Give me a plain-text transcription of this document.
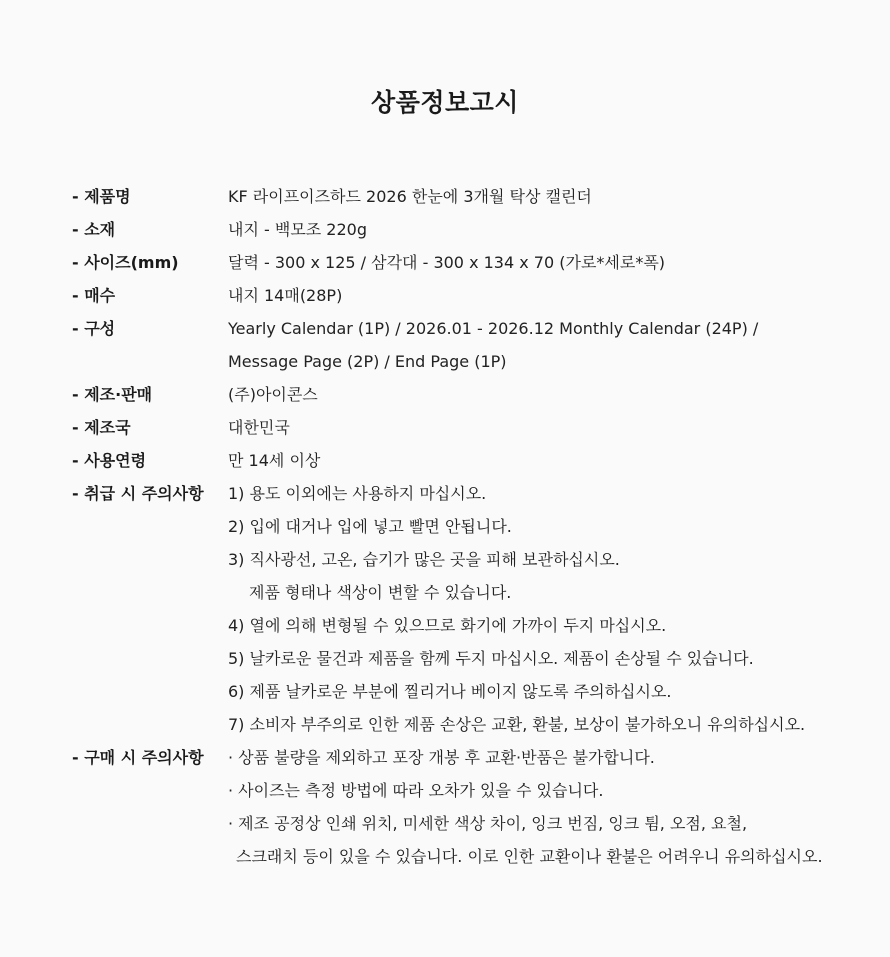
상품정보고시
- 제품명	KF 라이프이즈하드 2026 한눈에 3개월 탁상 캘린더
- 소재	내지 - 백모조 220g
- 사이즈(mm)	달력 - 300 x 125 / 삼각대 - 300 x 134 x 70 (가로*세로*폭)
- 매수	내지 14매(28P)
- 구성	Yearly Calendar (1P) / 2026.01 - 2026.12 Monthly Calendar (24P) /
Message Page (2P) / End Page (1P)
- 제조·판매	(주)아이콘스
- 제조국	대한민국
- 사용연령	만 14세 이상
- 취급 시 주의사항	1) 용도 이외에는 사용하지 마십시오.
2) 입에 대거나 입에 넣고 빨면 안됩니다.
3) 직사광선, 고온, 습기가 많은 곳을 피해 보관하십시오.
제품 형태나 색상이 변할 수 있습니다.
4) 열에 의해 변형될 수 있으므로 화기에 가까이 두지 마십시오.
5) 날카로운 물건과 제품을 함께 두지 마십시오. 제품이 손상될 수 있습니다.
6) 제품 날카로운 부분에 찔리거나 베이지 않도록 주의하십시오.
7) 소비자 부주의로 인한 제품 손상은 교환, 환불, 보상이 불가하오니 유의하십시오.
- 구매 시 주의사항	· 상품 불량을 제외하고 포장 개봉 후 교환·반품은 불가합니다.
· 사이즈는 측정 방법에 따라 오차가 있을 수 있습니다.
· 제조 공정상 인쇄 위치, 미세한 색상 차이, 잉크 번짐, 잉크 튐, 오점, 요철,
스크래치 등이 있을 수 있습니다. 이로 인한 교환이나 환불은 어려우니 유의하십시오.
